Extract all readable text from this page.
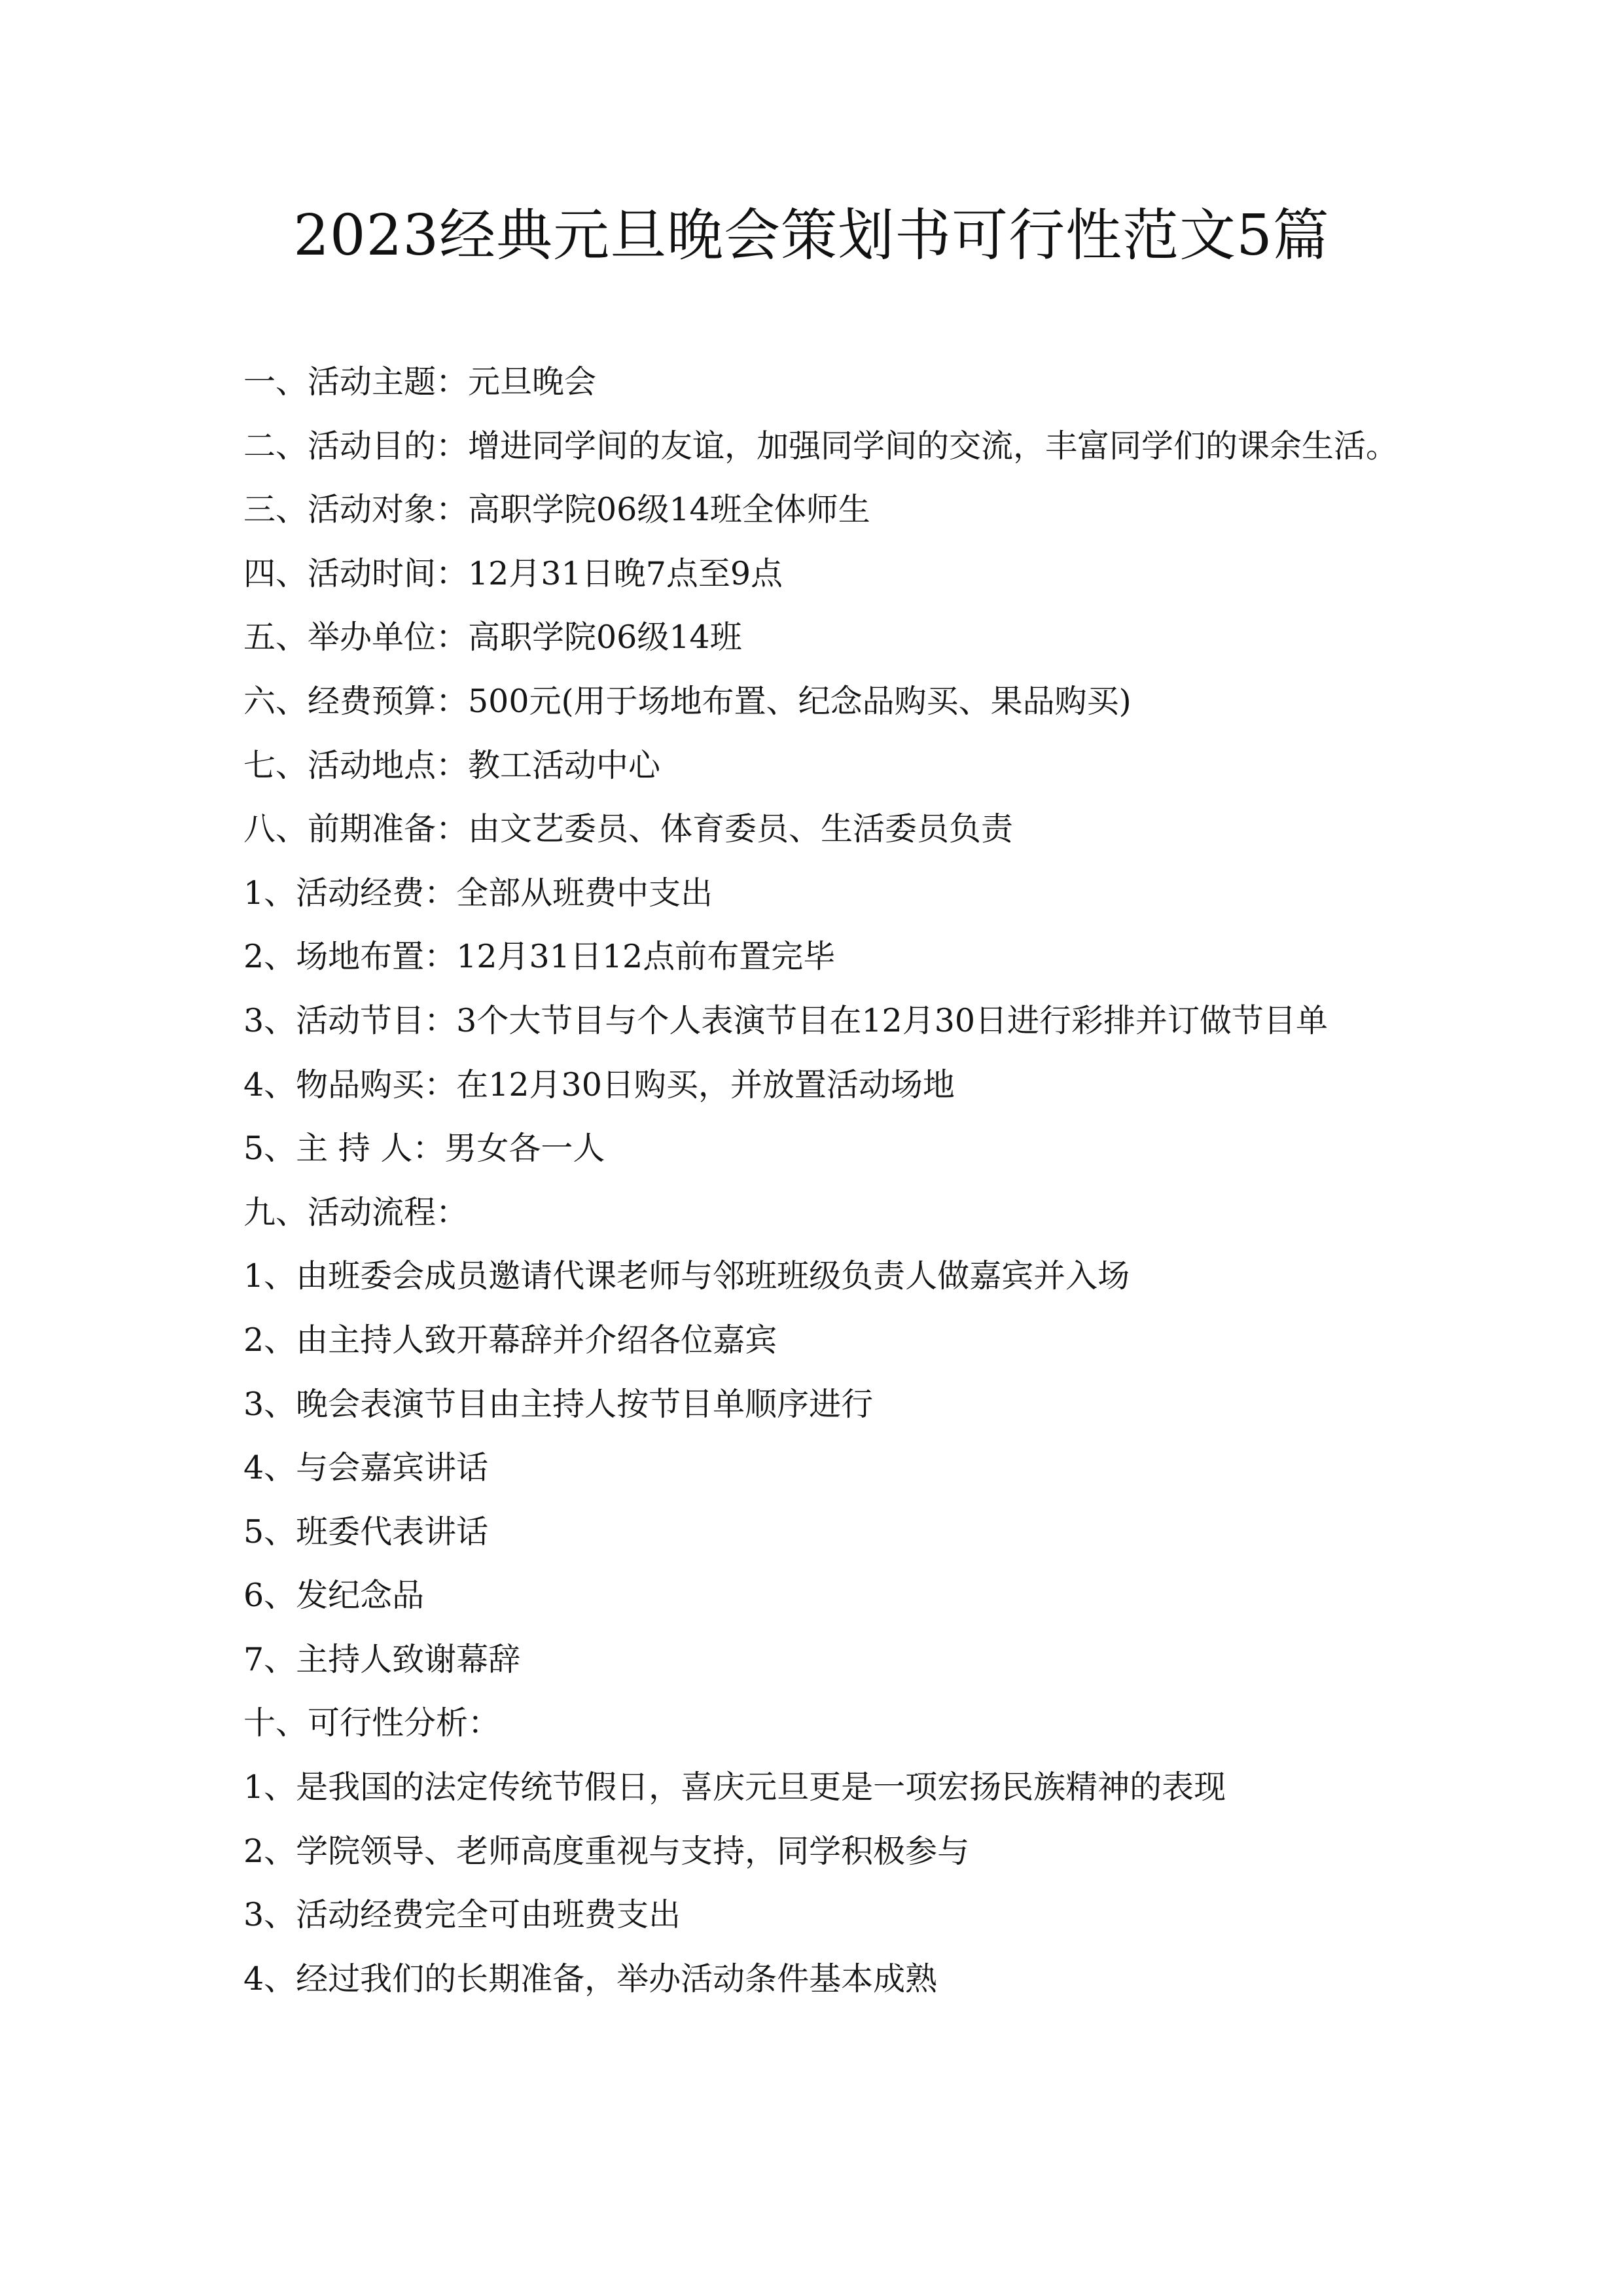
2023经典元旦晚会策划书可行性范文5篇
一、活动主题：元旦晚会
二、活动目的：增进同学间的友谊，加强同学间的交流，丰富同学们的课余生活。
三、活动对象：高职学院06级14班全体师生
四、活动时间：12月31日晚7点至9点
五、举办单位：高职学院06级14班
六、经费预算：500元(用于场地布置、纪念品购买、果品购买)
七、活动地点：教工活动中心
八、前期准备：由文艺委员、体育委员、生活委员负责
1、活动经费：全部从班费中支出
2、场地布置：12月31日12点前布置完毕
3、活动节目：3个大节目与个人表演节目在12月30日进行彩排并订做节目单
4、物品购买：在12月30日购买，并放置活动场地
5、主 持 人：男女各一人
九、活动流程：
1、由班委会成员邀请代课老师与邻班班级负责人做嘉宾并入场
2、由主持人致开幕辞并介绍各位嘉宾
3、晚会表演节目由主持人按节目单顺序进行
4、与会嘉宾讲话
5、班委代表讲话
6、发纪念品
7、主持人致谢幕辞
十、可行性分析：
1、是我国的法定传统节假日，喜庆元旦更是一项宏扬民族精神的表现
2、学院领导、老师高度重视与支持，同学积极参与
3、活动经费完全可由班费支出
4、经过我们的长期准备，举办活动条件基本成熟
